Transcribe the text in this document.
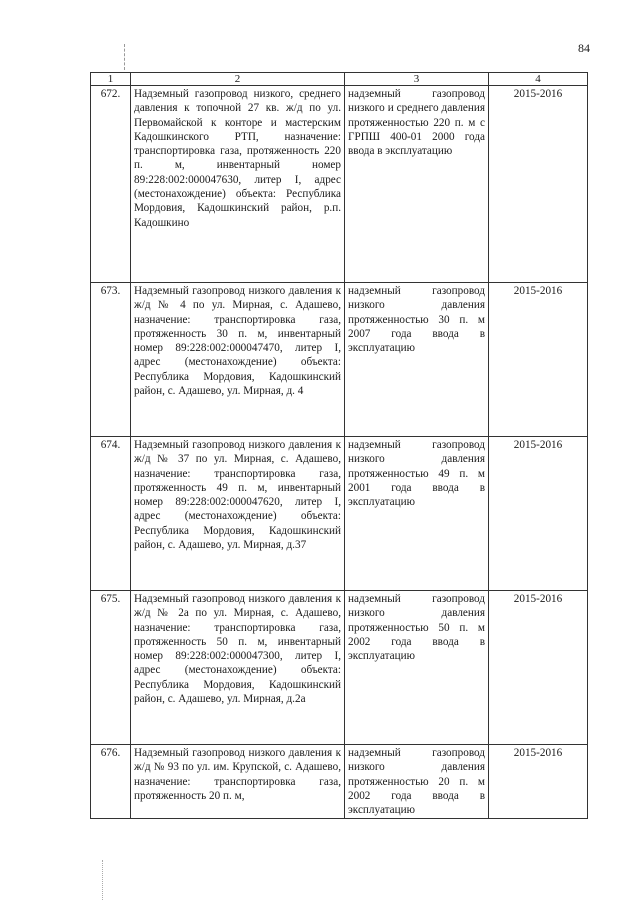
84
1	2	3	4
672.	Надземный газопровод низкого, среднего давления к топочной 27 кв. ж/д по ул. Первомайской к конторе и мастерским Кадошкинского РТП, назначение: транспортировка газа, протяженность 220 п. м, инвентарный номер 89:228:002:000047630, литер I, адрес (местонахождение) объекта: Республика Мордовия, Кадошкинский район, р.п. Кадошкино	надземный газопровод низкого и среднего давления протяженностью 220 п. м с ГРПШ 400-01 2000 года ввода в эксплуатацию	2015-2016
673.	Надземный газопровод низкого давления к ж/д № 4 по ул. Мирная, с. Адашево, назначение: транспортировка газа, протяженность 30 п. м, инвентарный номер 89:228:002:000047470, литер I, адрес (местонахождение) объекта: Республика Мордовия, Кадошкинский район, с. Адашево, ул. Мирная, д. 4	надземный газопровод низкого давления протяженностью 30 п. м 2007 года ввода в эксплуатацию	2015-2016
674.	Надземный газопровод низкого давления к ж/д № 37 по ул. Мирная, с. Адашево, назначение: транспортировка газа, протяженность 49 п. м, инвентарный номер 89:228:002:000047620, литер I, адрес (местонахождение) объекта: Республика Мордовия, Кадошкинский район, с. Адашево, ул. Мирная, д.37	надземный газопровод низкого давления протяженностью 49 п. м 2001 года ввода в эксплуатацию	2015-2016
675.	Надземный газопровод низкого давления к ж/д № 2а по ул. Мирная, с. Адашево, назначение: транспортировка газа, протяженность 50 п. м, инвентарный номер 89:228:002:000047300, литер I, адрес (местонахождение) объекта: Республика Мордовия, Кадошкинский район, с. Адашево, ул. Мирная, д.2а	надземный газопровод низкого давления протяженностью 50 п. м 2002 года ввода в эксплуатацию	2015-2016
676.	Надземный газопровод низкого давления к ж/д № 93 по ул. им. Крупской, с. Адашево, назначение: транспортировка газа, протяженность 20 п. м,	надземный газопровод низкого давления протяженностью 20 п. м 2002 года ввода в эксплуатацию	2015-2016
